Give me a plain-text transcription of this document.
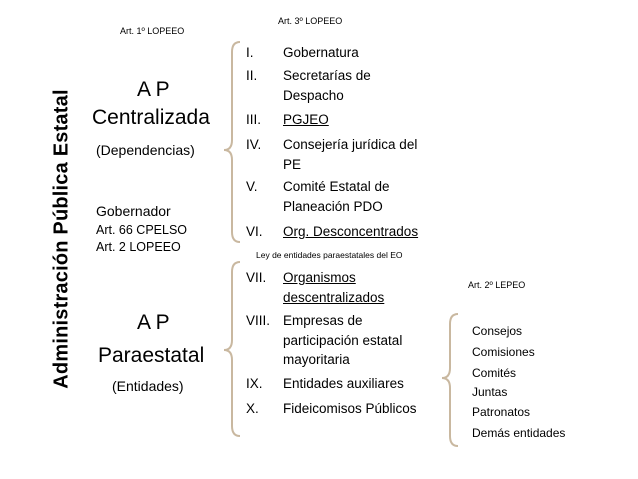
Administración Pública Estatal
Art. 1º LOPEEO
Art. 3º LOPEEO
Ley de entidades paraestatales del EO
Art. 2º LEPEO
A P
Centralizada
(Dependencias)
Gobernador
Art. 66 CPELSO
Art. 2 LOPEEO
A P
Paraestatal
(Entidades)
I. Gobernatura
II. Secretarías de
Despacho
III. PGJEO
IV. Consejería jurídica del
PE
V. Comité Estatal de
Planeación PDO
VI. Org. Desconcentrados
VII. Organismos
descentralizados
VIII. Empresas de
participación estatal
mayoritaria
IX. Entidades auxiliares
X. Fideicomisos Públicos
Consejos
Comisiones
Comités
Juntas
Patronatos
Demás entidades
